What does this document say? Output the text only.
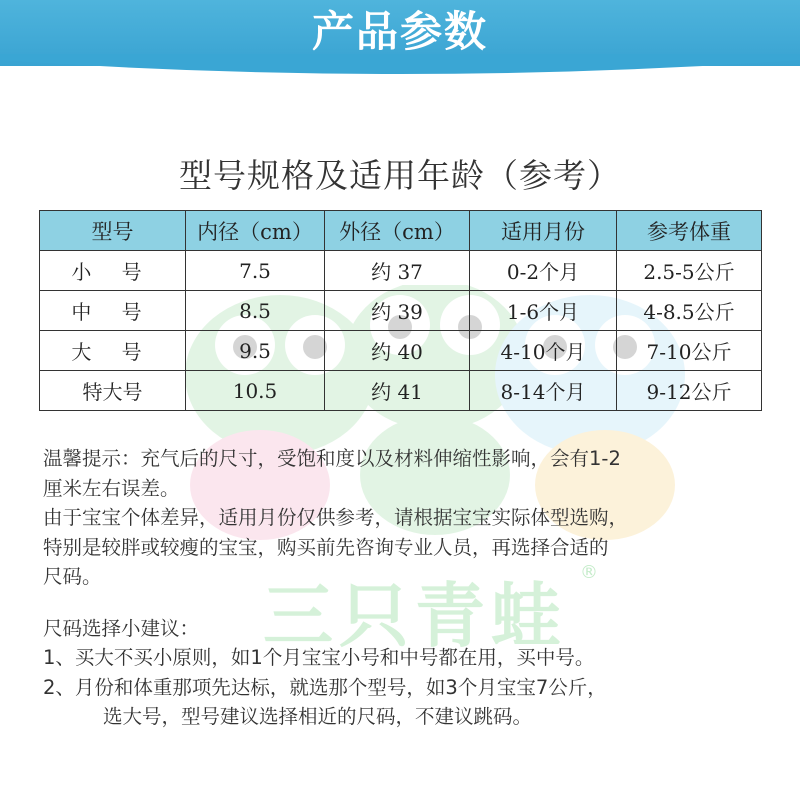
产品参数
三只青蛙
®
型号规格及适用年龄（参考）
型号	内径（cm）	外径（cm）	适用月份	参考体重
小 号	7.5	约 37	0-2个月	2.5-5公斤
中 号	8.5	约 39	1-6个月	4-8.5公斤
大 号	9.5	约 40	4-10个月	7-10公斤
特大号	10.5	约 41	8-14个月	9-12公斤

温馨提示：充气后的尺寸，受饱和度以及材料伸缩性影响，会有1-2

厘米左右误差。

由于宝宝个体差异，适用月份仅供参考，请根据宝宝实际体型选购，

特别是较胖或较瘦的宝宝，购买前先咨询专业人员，再选择合适的

尺码。

尺码选择小建议：

1、买大不买小原则，如1个月宝宝小号和中号都在用，买中号。

2、月份和体重那项先达标，就选那个型号，如3个月宝宝7公斤，

选大号，型号建议选择相近的尺码，不建议跳码。
